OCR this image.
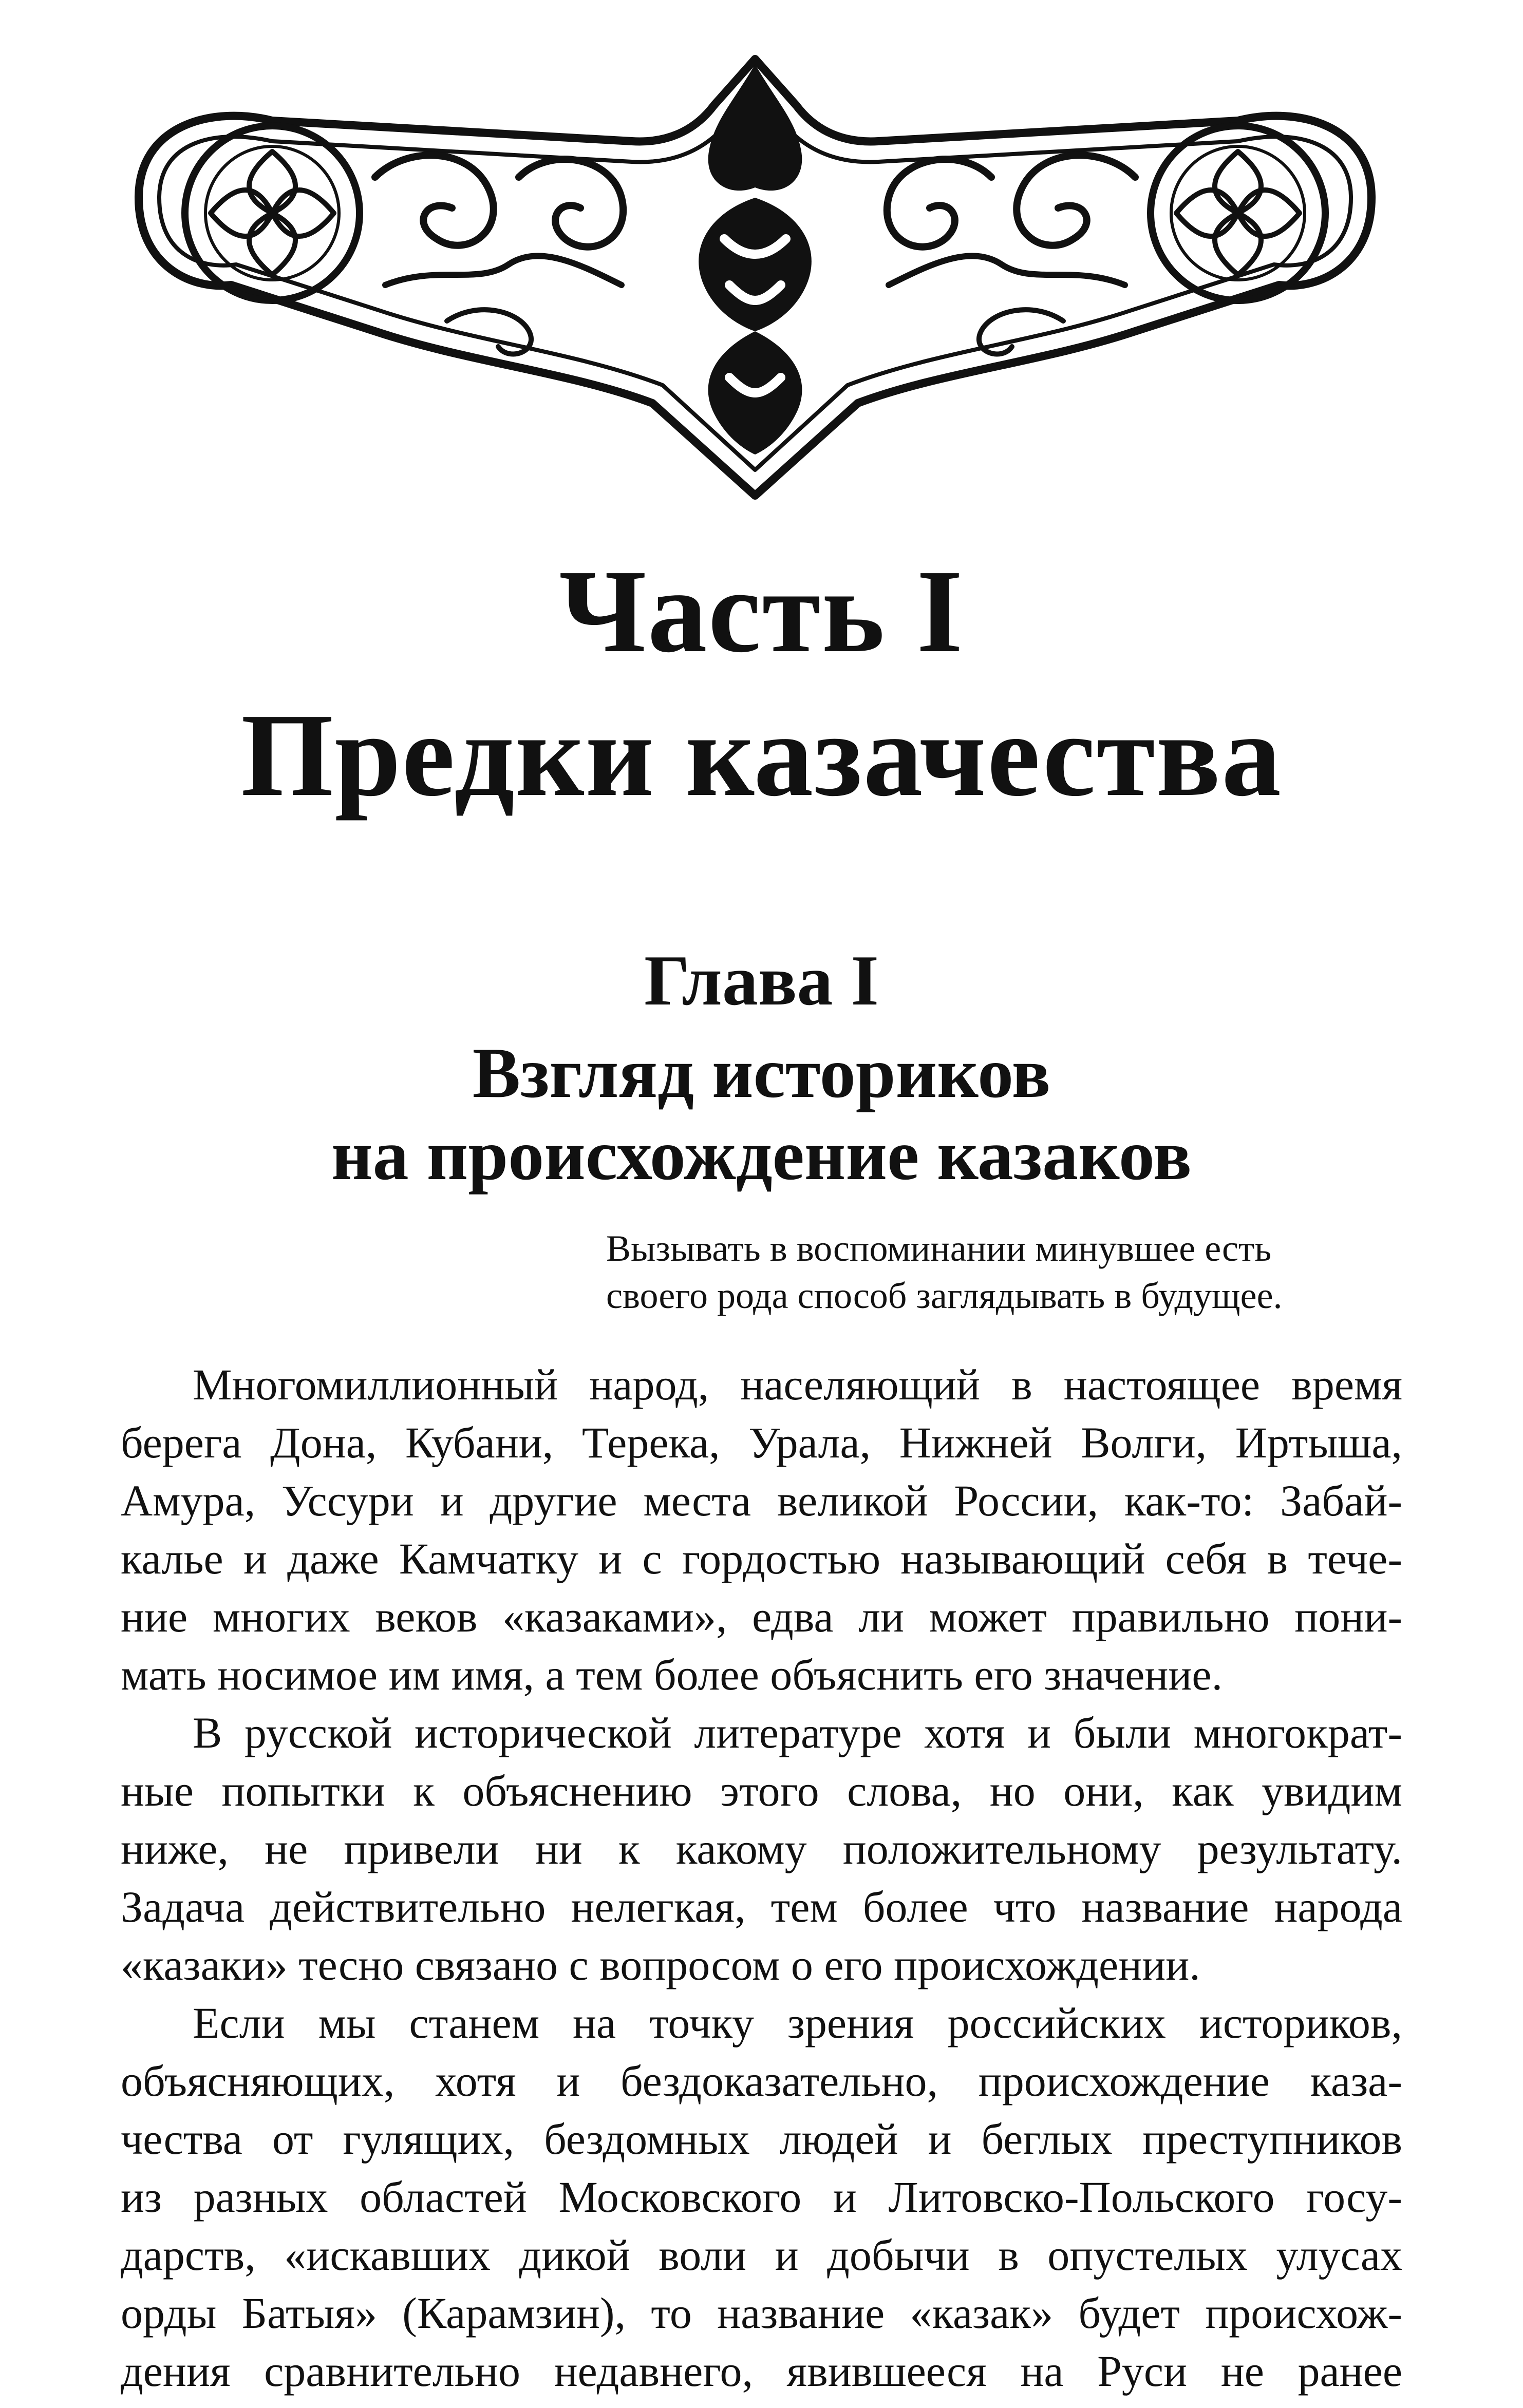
Часть I
Предки казачества
Глава I
Взгляд историков
на происхождение казаков
Вызывать в воспоминании минувшее есть
своего рода способ заглядывать в будущее.
Многомиллионный народ, населяющий в настоящее время
берега Дона, Кубани, Терека, Урала, Нижней Волги, Иртыша,
Амура, Уссури и другие места великой России, как-то: Забай-
калье и даже Камчатку и с гордостью называющий себя в тече-
ние многих веков «казаками», едва ли может правильно пони-
мать носимое им имя, а тем более объяснить его значение.
В русской исторической литературе хотя и были многократ-
ные попытки к объяснению этого слова, но они, как увидим
ниже, не привели ни к какому положительному результату.
Задача действительно нелегкая, тем более что название народа
«казаки» тесно связано с вопросом о его происхождении.
Если мы станем на точку зрения российских историков,
объясняющих, хотя и бездоказательно, происхождение каза-
чества от гулящих, бездомных людей и беглых преступников
из разных областей Московского и Литовско-Польского госу-
дарств, «искавших дикой воли и добычи в опустелых улусах
орды Батыя» (Карамзин), то название «казак» будет происхож-
дения сравнительно недавнего, явившееся на Руси не ранее
